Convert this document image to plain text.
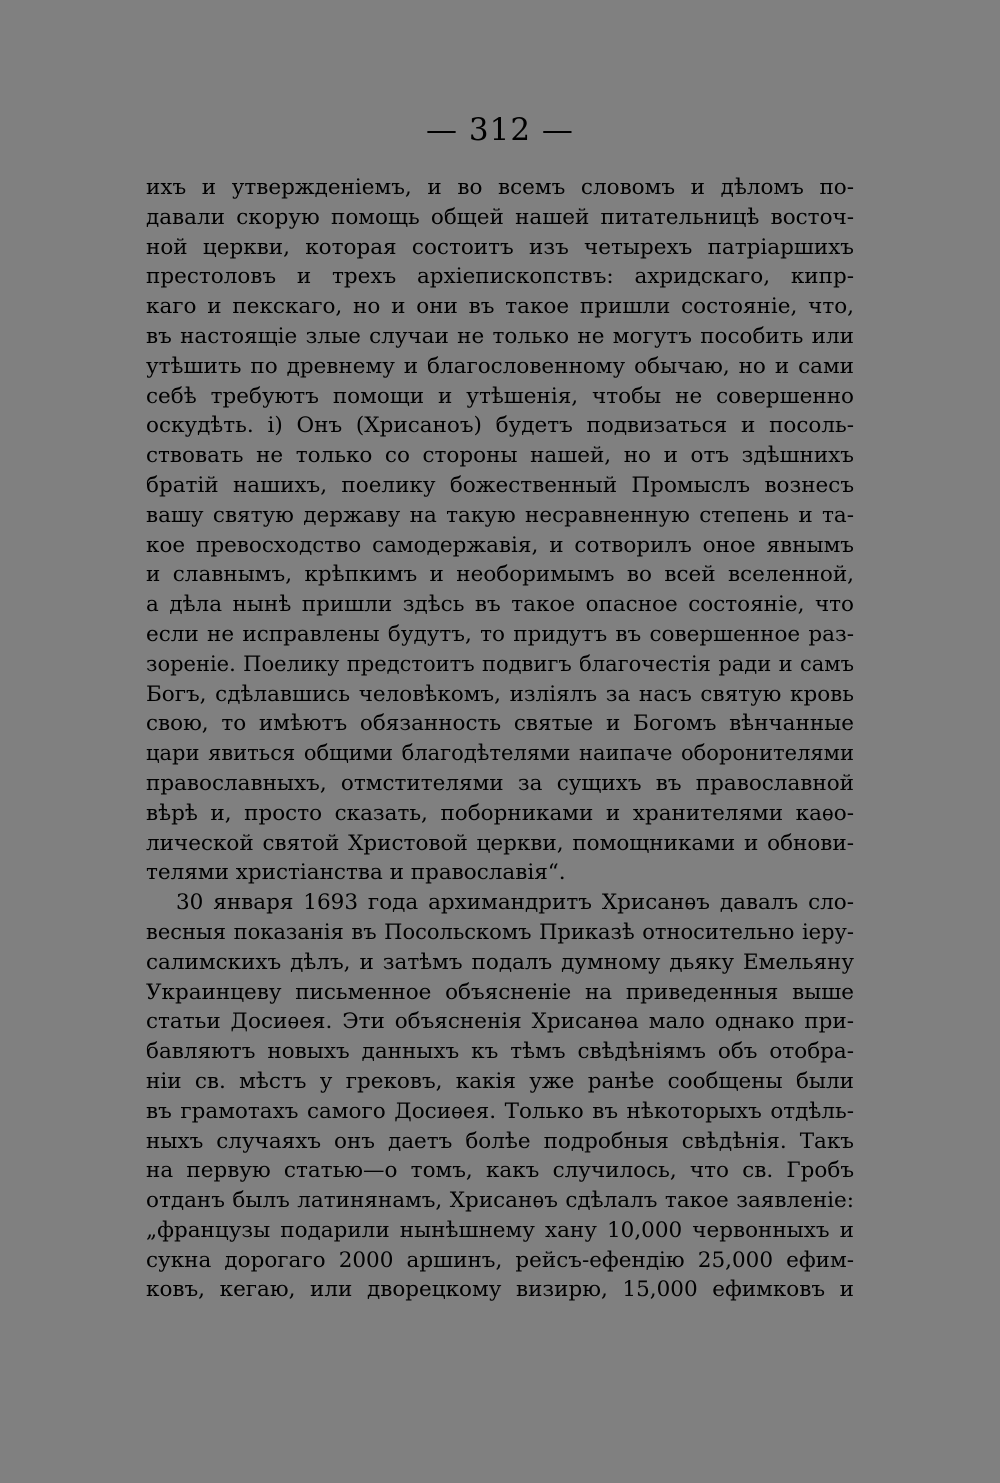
— 312 —
ихъ и утвержденіемъ, и во всемъ словомъ и дѣломъ по-
давали скорую помощь общей нашей питательницѣ восточ-
ной церкви, которая состоитъ изъ четырехъ патріаршихъ
престоловъ и трехъ архіепископствъ: ахридскаго, кипр-
каго и пекскаго, но и они въ такое пришли состояніе, что,
въ настоящіе злые случаи не только не могутъ пособить или
утѣшить по древнему и благословенному обычаю, но и сами
себѣ требуютъ помощи и утѣшенія, чтобы не совершенно
оскудѣть. і) Онъ (Хрисаноъ) будетъ подвизаться и посоль-
ствовать не только со стороны нашей, но и отъ здѣшнихъ
братій нашихъ, поелику божественный Промыслъ вознесъ
вашу святую державу на такую несравненную степень и та-
кое превосходство самодержавія, и сотворилъ оное явнымъ
и славнымъ, крѣпкимъ и необоримымъ во всей вселенной,
а дѣла нынѣ пришли здѣсь въ такое опасное состояніе, что
если не исправлены будутъ, то придутъ въ совершенное раз-
зореніе. Поелику предстоитъ подвигъ благочестія ради и самъ
Богъ, сдѣлавшись человѣкомъ, изліялъ за насъ святую кровь
свою, то имѣютъ обязанность святые и Богомъ вѣнчанные
цари явиться общими благодѣтелями наипаче оборонителями
православныхъ, отмстителями за сущихъ въ православной
вѣрѣ и, просто сказать, поборниками и хранителями каѳо-
лической святой Христовой церкви, помощниками и обнови-
телями христіанства и православія“.
30 января 1693 года архимандритъ Хрисанѳъ давалъ сло-
весныя показанія въ Посольскомъ Приказѣ относительно іеру-
салимскихъ дѣлъ, и затѣмъ подалъ думному дьяку Емельяну
Украинцеву письменное объясненіе на приведенныя выше
статьи Досиѳея. Эти объясненія Хрисанѳа мало однако при-
бавляютъ новыхъ данныхъ къ тѣмъ свѣдѣніямъ объ отобра-
ніи св. мѣстъ у грековъ, какія уже ранѣе сообщены были
въ грамотахъ самого Досиѳея. Только въ нѣкоторыхъ отдѣль-
ныхъ случаяхъ онъ даетъ болѣе подробныя свѣдѣнія. Такъ
на первую статью—о томъ, какъ случилось, что св. Гробъ
отданъ былъ латинянамъ, Хрисанѳъ сдѣлалъ такое заявленіе:
„французы подарили нынѣшнему хану 10,000 червонныхъ и
сукна дорогаго 2000 аршинъ, рейсъ-ефендію 25,000 ефим-
ковъ, кегаю, или дворецкому визирю, 15,000 ефимковъ и
